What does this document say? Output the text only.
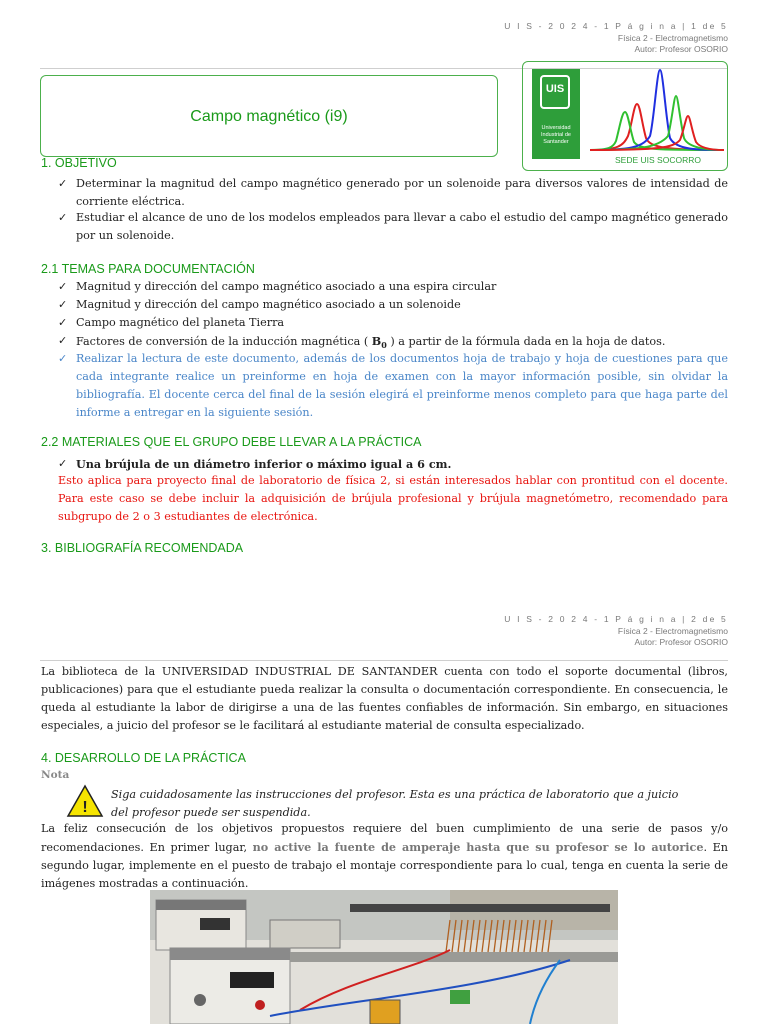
U I S - 2 0 2 4 - 1 P á g i n a | 1 de 5
Física 2 - Electromagnetismo
Autor: Profesor OSORIO
Campo magnético (i9)
UIS
Universidad
Industrial de
Santander
SEDE UIS SOCORRO
1. OBJETIVO
✓ Determinar la magnitud del campo magnético generado por un solenoide para diversos valores de intensidad de corriente eléctrica.
✓ Estudiar el alcance de uno de los modelos empleados para llevar a cabo el estudio del campo magnético generado por un solenoide.
2.1 TEMAS PARA DOCUMENTACIÓN
✓ Magnitud y dirección del campo magnético asociado a una espira circular
✓ Magnitud y dirección del campo magnético asociado a un solenoide
✓ Campo magnético del planeta Tierra
✓ Factores de conversión de la inducción magnética ( $B_0$ ) a partir de la fórmula dada en la hoja de datos.
✓ Realizar la lectura de este documento, además de los documentos hoja de trabajo y hoja de cuestiones para que cada integrante realice un preinforme en hoja de examen con la mayor información posible, sin olvidar la bibliografía. El docente cerca del final de la sesión elegirá el preinforme menos completo para que haga parte del informe a entregar en la siguiente sesión.
2.2 MATERIALES QUE EL GRUPO DEBE LLEVAR A LA PRÁCTICA
✓ Una brújula de un diámetro inferior o máximo igual a 6 cm.
Esto aplica para proyecto final de laboratorio de física 2, si están interesados hablar con prontitud con el docente. Para este caso se debe incluir la adquisición de brújula profesional y brújula magnetómetro, recomendado para subgrupo de 2 o 3 estudiantes de electrónica.
3. BIBLIOGRAFÍA RECOMENDADA
U I S - 2 0 2 4 - 1 P á g i n a | 2 de 5
Física 2 - Electromagnetismo
Autor: Profesor OSORIO
La biblioteca de la UNIVERSIDAD INDUSTRIAL DE SANTANDER cuenta con todo el soporte documental (libros, publicaciones) para que el estudiante pueda realizar la consulta o documentación correspondiente. En consecuencia, le queda al estudiante la labor de dirigirse a una de las fuentes confiables de información. Sin embargo, en situaciones especiales, a juicio del profesor se le facilitará al estudiante material de consulta especializado.
4. DESARROLLO DE LA PRÁCTICA
Nota
!
Siga cuidadosamente las instrucciones del profesor. Esta es una práctica de laboratorio que a juicio
del profesor puede ser suspendida.
La feliz consecución de los objetivos propuestos requiere del buen cumplimiento de una serie de pasos y/o recomendaciones. En primer lugar, no active la fuente de amperaje hasta que su profesor se lo autorice. En segundo lugar, implemente en el puesto de trabajo el montaje correspondiente para lo cual, tenga en cuenta la serie de imágenes mostradas a continuación.
